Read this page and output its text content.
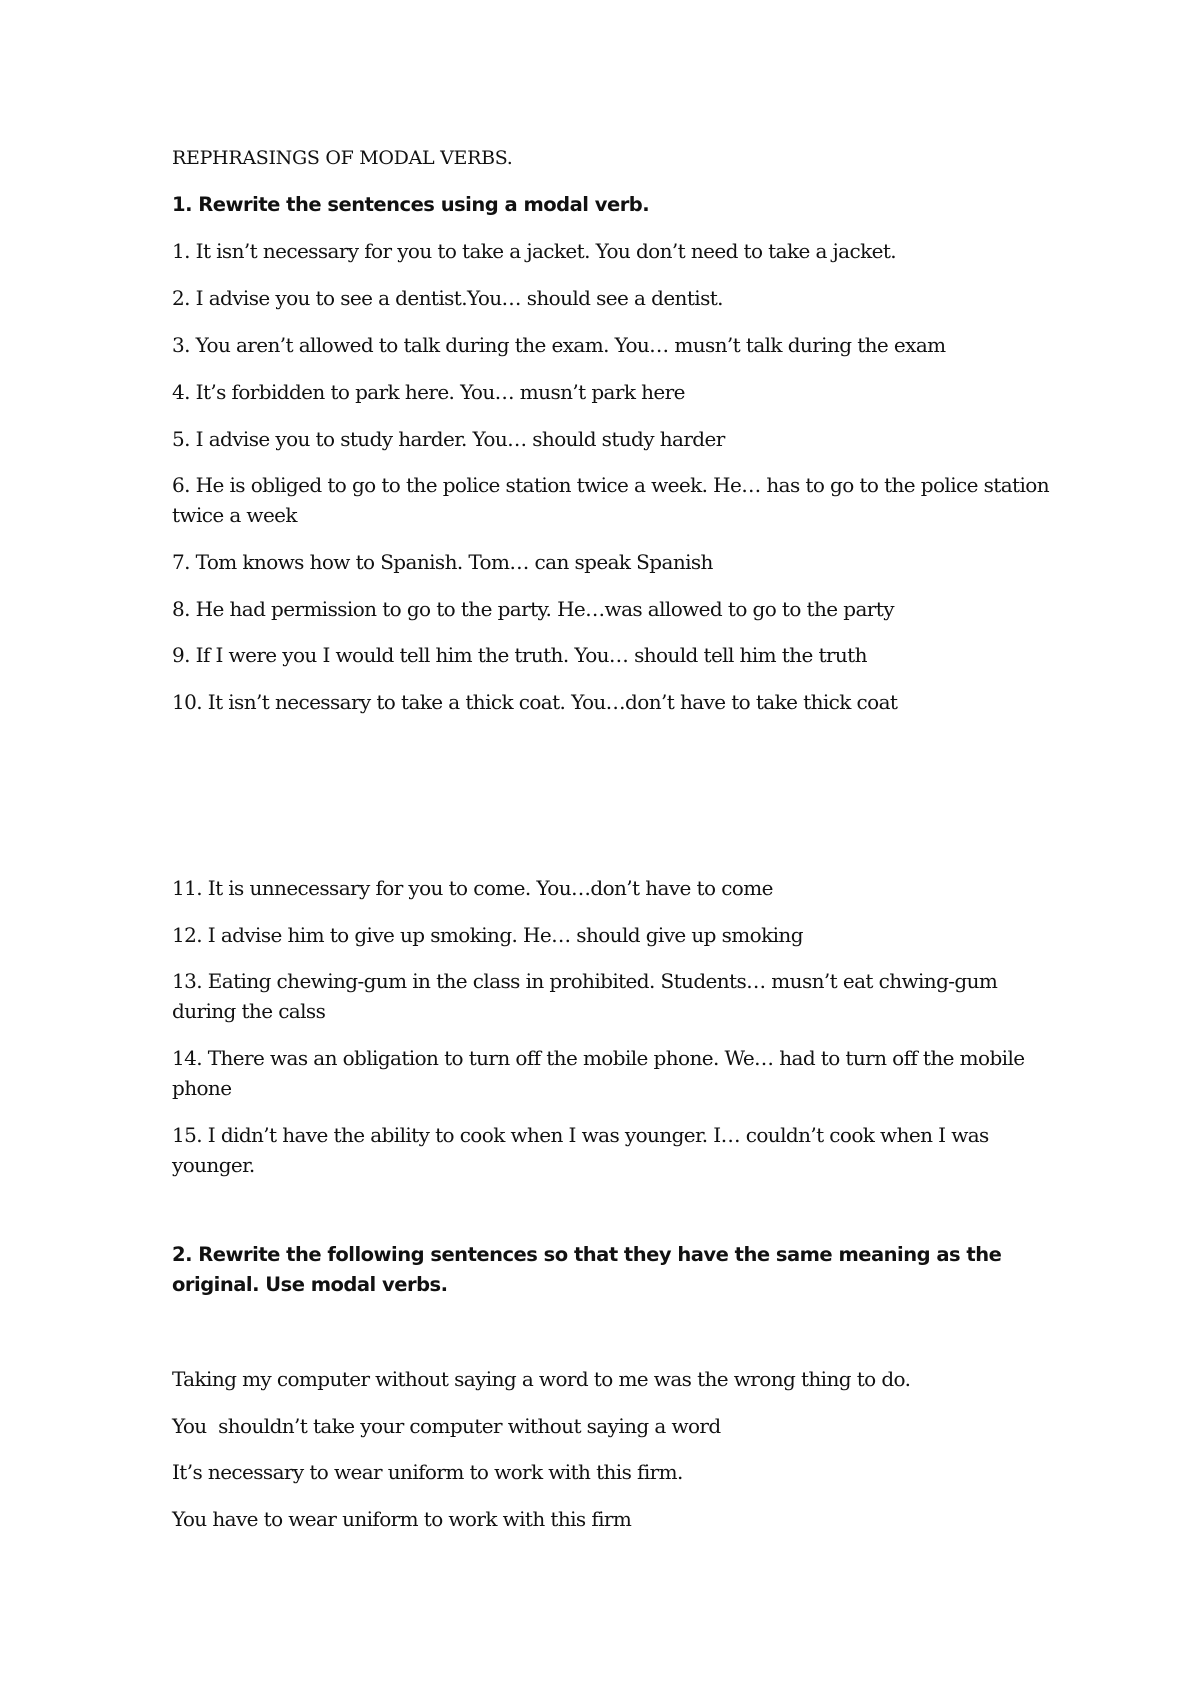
REPHRASINGS OF MODAL VERBS.
1. Rewrite the sentences using a modal verb.
1. It isn’t necessary for you to take a jacket. You don’t need to take a jacket.
2. I advise you to see a dentist.You… should see a dentist.
3. You aren’t allowed to talk during the exam. You… musn’t talk during the exam
4. It’s forbidden to park here. You… musn’t park here
5. I advise you to study harder. You… should study harder
6. He is obliged to go to the police station twice a week. He… has to go to the police station twice a week
7. Tom knows how to Spanish. Tom… can speak Spanish
8. He had permission to go to the party. He…was allowed to go to the party
9. If I were you I would tell him the truth. You… should tell him the truth
10. It isn’t necessary to take a thick coat. You…don’t have to take thick coat
11. It is unnecessary for you to come. You…don’t have to come
12. I advise him to give up smoking. He… should give up smoking
13. Eating chewing-gum in the class in prohibited. Students… musn’t eat chwing-gum during the calss
14. There was an obligation to turn off the mobile phone. We… had to turn off the mobile phone
15. I didn’t have the ability to cook when I was younger. I… couldn’t cook when I was younger.
2. Rewrite the following sentences so that they have the same meaning as the original. Use modal verbs.
Taking my computer without saying a word to me was the wrong thing to do.
You  shouldn’t take your computer without saying a word
It’s necessary to wear uniform to work with this firm.
You have to wear uniform to work with this firm
